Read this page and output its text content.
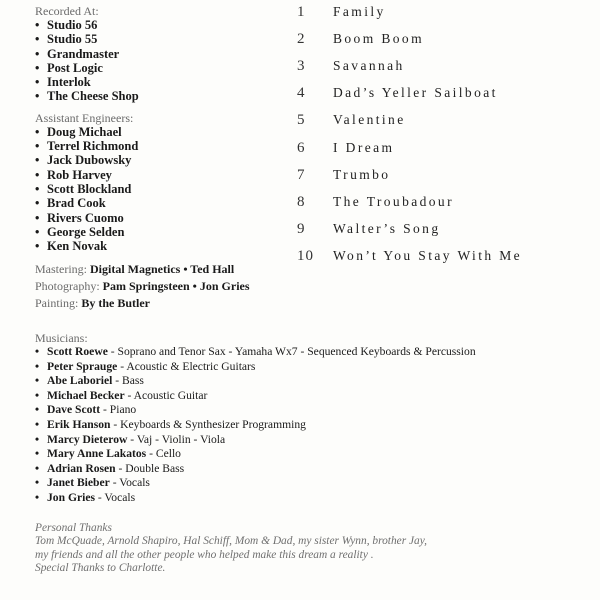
Recorded At:
• Studio 56
• Studio 55
• Grandmaster
• Post Logic
• Interlok
• The Cheese Shop
Assistant Engineers:
• Doug Michael
• Terrel Richmond
• Jack Dubowsky
• Rob Harvey
• Scott Blockland
• Brad Cook
• Rivers Cuomo
• George Selden
• Ken Novak
Mastering: Digital Magnetics • Ted Hall
Photography: Pam Springsteen • Jon Gries
Painting: By the Butler
Musicians:
• Scott Roewe - Soprano and Tenor Sax - Yamaha Wx7 - Sequenced Keyboards & Percussion
• Peter Sprauge - Acoustic & Electric Guitars
• Abe Laboriel - Bass
• Michael Becker - Acoustic Guitar
• Dave Scott - Piano
• Erik Hanson - Keyboards & Synthesizer Programming
• Marcy Dieterow - Vaj - Violin - Viola
• Mary Anne Lakatos - Cello
• Adrian Rosen - Double Bass
• Janet Bieber - Vocals
• Jon Gries - Vocals
Personal Thanks
Tom McQuade, Arnold Shapiro, Hal Schiff, Mom & Dad, my sister Wynn, brother Jay,
my friends and all the other people who helped make this dream a reality .
Special Thanks to Charlotte.
1	Family
2	Boom Boom
3	Savannah
4	Dad’s Yeller Sailboat
5	Valentine
6	I Dream
7	Trumbo
8	The Troubadour
9	Walter’s Song
10	Won’t You Stay With Me
